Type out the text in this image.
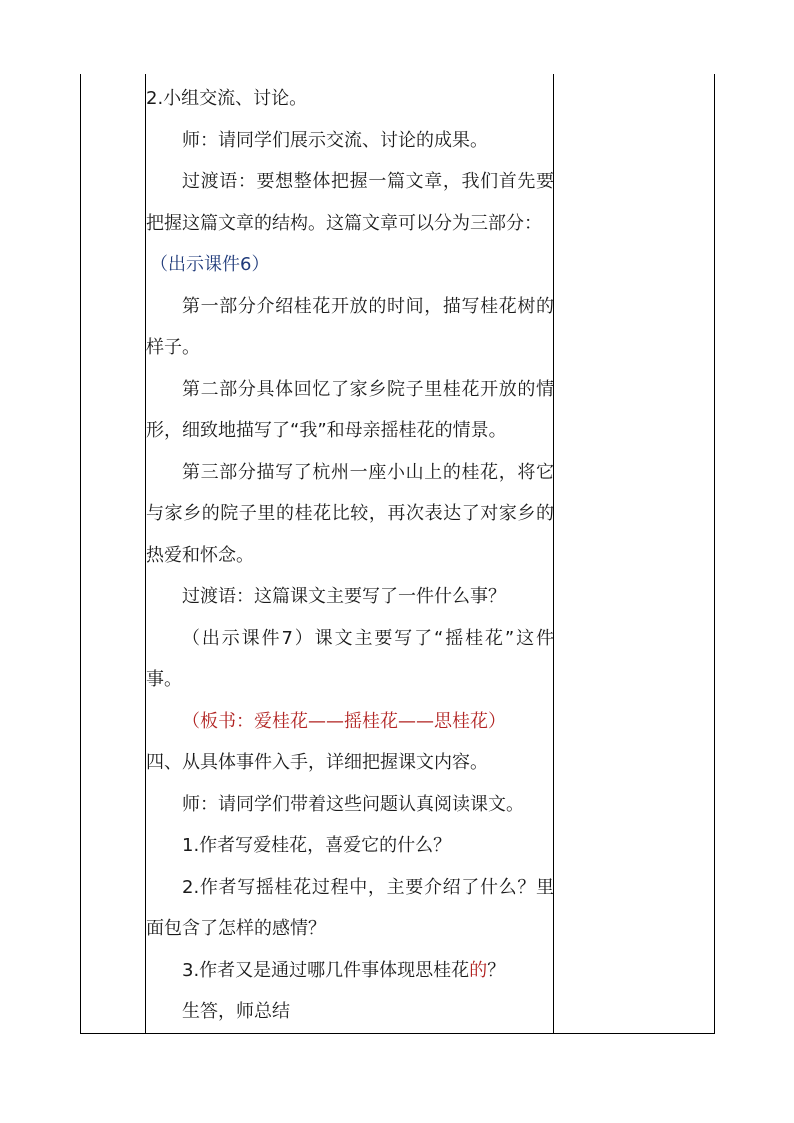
2.小组交流、讨论。

师：请同学们展示交流、讨论的成果。

过渡语：要想整体把握一篇文章，我们首先要把握这篇文章的结构。这篇文章可以分为三部分：

（出示课件6）

第一部分介绍桂花开放的时间，描写桂花树的样子。

第二部分具体回忆了家乡院子里桂花开放的情形，细致地描写了“我”和母亲摇桂花的情景。

第三部分描写了杭州一座小山上的桂花，将它与家乡的院子里的桂花比较，再次表达了对家乡的热爱和怀念。

过渡语：这篇课文主要写了一件什么事？

（出示课件7）课文主要写了“摇桂花”这件事。

（板书：爱桂花——摇桂花——思桂花）

四、从具体事件入手，详细把握课文内容。

师：请同学们带着这些问题认真阅读课文。

1.作者写爱桂花，喜爱它的什么？

2.作者写摇桂花过程中，主要介绍了什么？里面包含了怎样的感情？

3.作者又是通过哪几件事体现思桂花的？

生答，师总结
